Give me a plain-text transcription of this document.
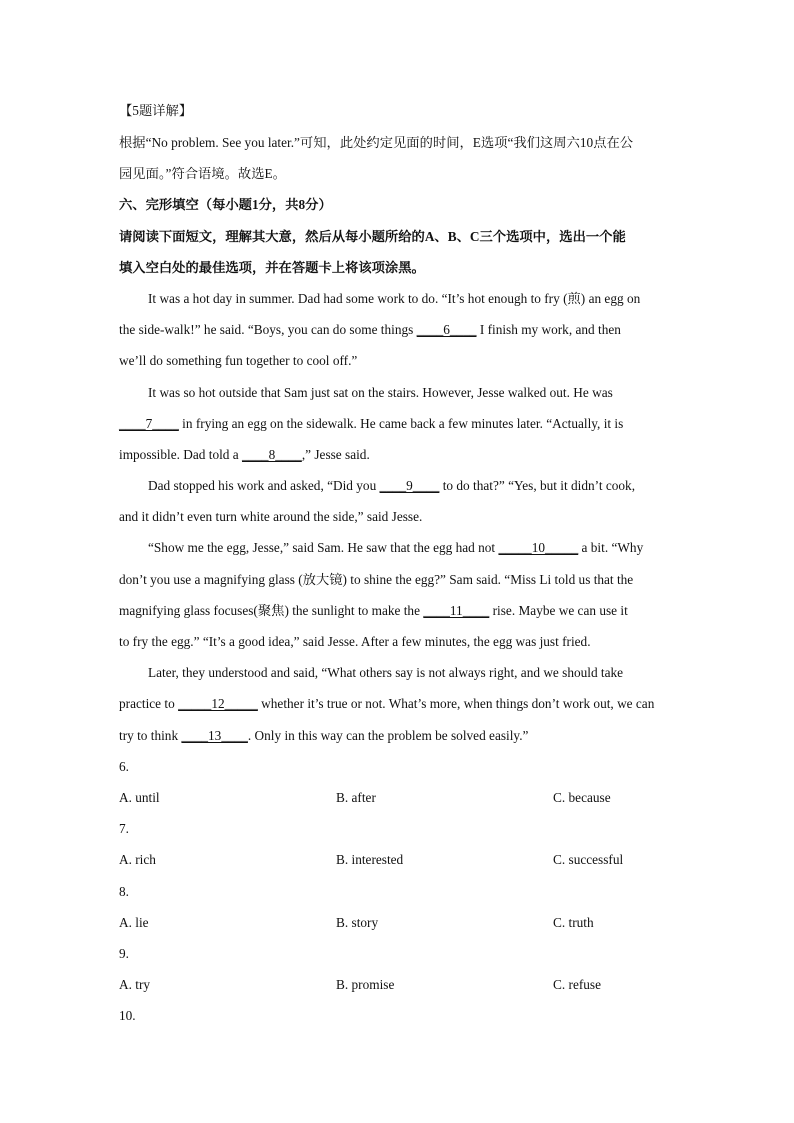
【5题详解】
根据“No problem. See you later.”可知，此处约定见面的时间，E选项“我们这周六10点在公
园见面。”符合语境。故选E。
六、完形填空（每小题1分，共8分）
请阅读下面短文，理解其大意，然后从每小题所给的A、B、C三个选项中，选出一个能
填入空白处的最佳选项，并在答题卡上将该项涂黑。
It was a hot day in summer. Dad had some work to do. “It’s hot enough to fry (煎) an egg on
the side-walk!” he said. “Boys, you can do some things ____6____ I finish my work, and then
we’ll do something fun together to cool off.”
It was so hot outside that Sam just sat on the stairs. However, Jesse walked out. He was
____7____ in frying an egg on the sidewalk. He came back a few minutes later. “Actually, it is
impossible. Dad told a ____8____,” Jesse said.
Dad stopped his work and asked, “Did you ____9____ to do that?” “Yes, but it didn’t cook,
and it didn’t even turn white around the side,” said Jesse.
“Show me the egg, Jesse,” said Sam. He saw that the egg had not _____10_____ a bit. “Why
don’t you use a magnifying glass (放大镜) to shine the egg?” Sam said. “Miss Li told us that the
magnifying glass focuses(聚焦) the sunlight to make the ____11____ rise. Maybe we can use it
to fry the egg.” “It’s a good idea,” said Jesse. After a few minutes, the egg was just fried.
Later, they understood and said, “What others say is not always right, and we should take
practice to _____12_____ whether it’s true or not. What’s more, when things don’t work out, we can
try to think ____13____. Only in this way can the problem be solved easily.”
6.
A. until	B. after	C. because
7.
A. rich	B. interested	C. successful
8.
A. lie	B. story	C. truth
9.
A. try	B. promise	C. refuse
10.
